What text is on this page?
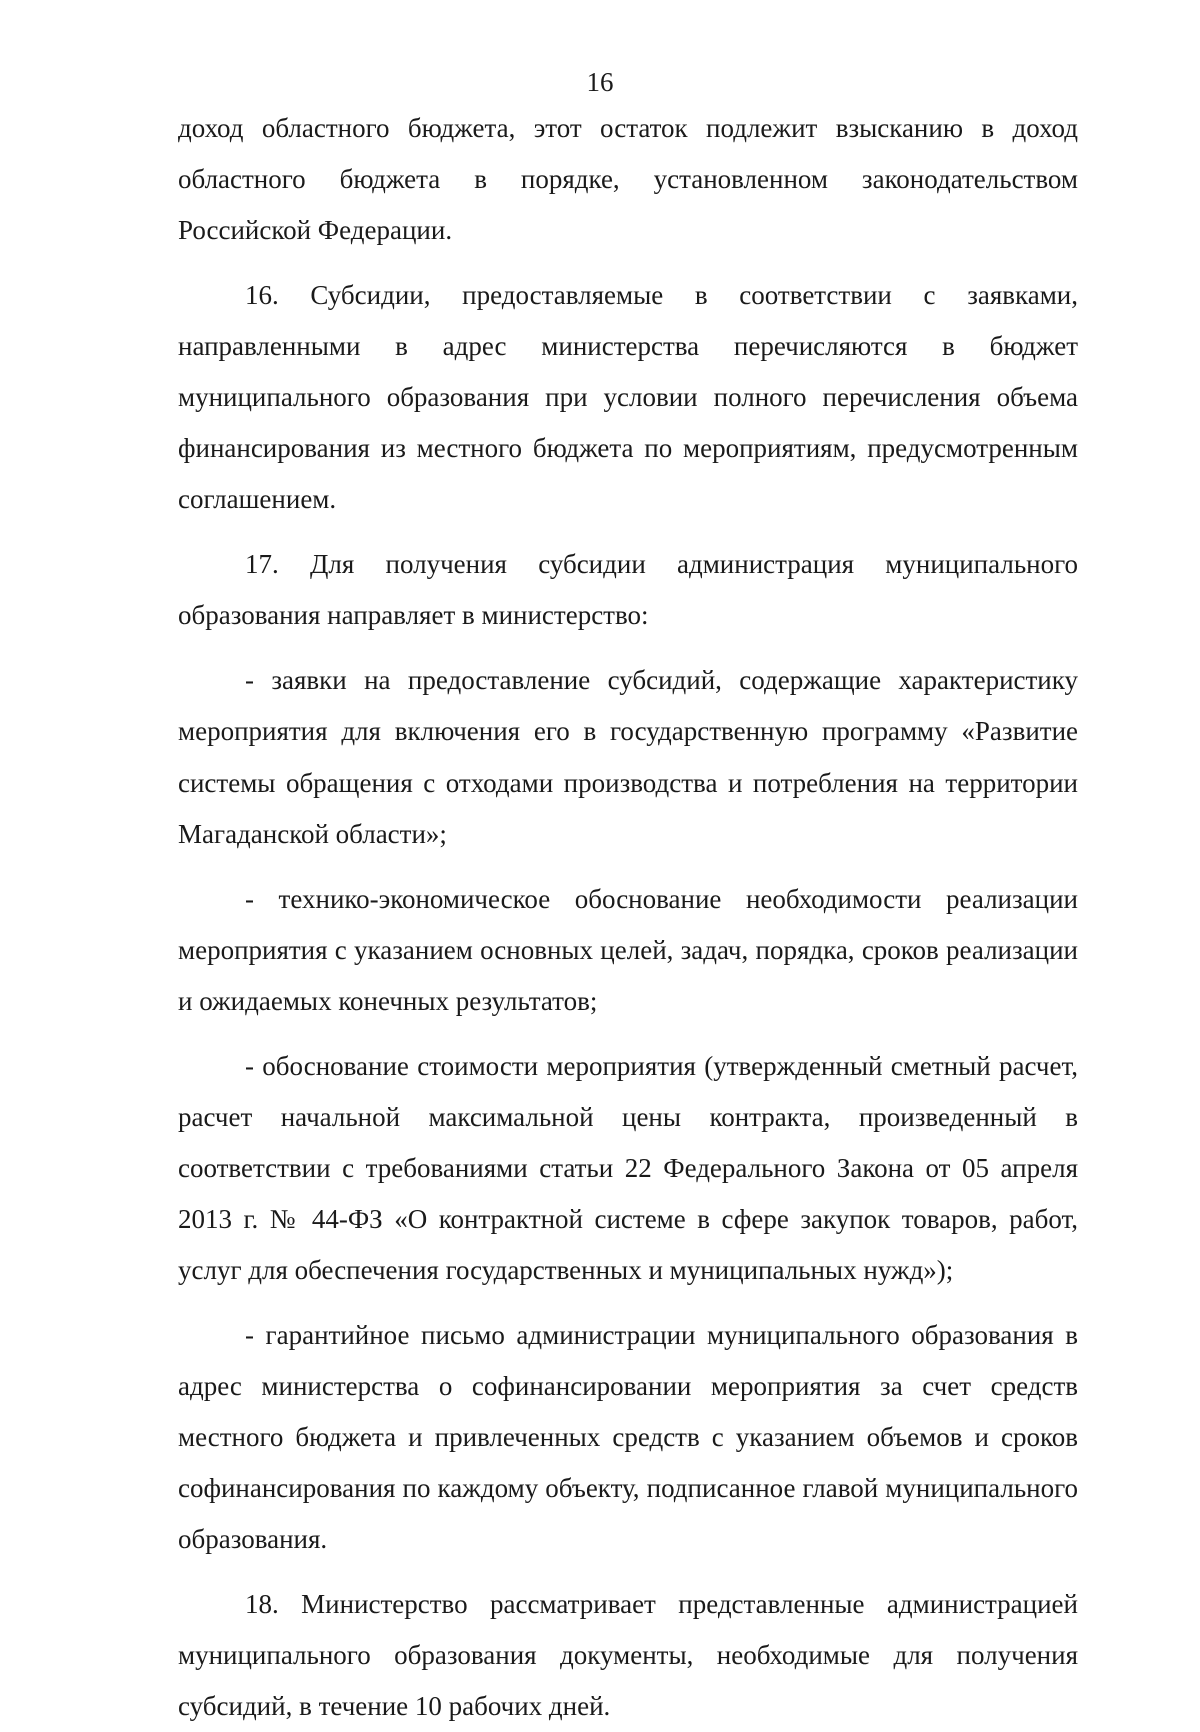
16

доход областного бюджета, этот остаток подлежит взысканию в доход областного бюджета в порядке, установленном законодательством Российской Федерации.

16. Субсидии, предоставляемые в соответствии с заявками, направленными в адрес министерства перечисляются в бюджет муниципального образования при условии полного перечисления объема финансирования из местного бюджета по мероприятиям, предусмотренным соглашением.

17. Для получения субсидии администрация муниципального образования направляет в министерство:

- заявки на предоставление субсидий, содержащие характеристику мероприятия для включения его в государственную программу «Развитие системы обращения с отходами производства и потребления на территории Магаданской области»;

- технико-экономическое обоснование необходимости реализации мероприятия с указанием основных целей, задач, порядка, сроков реализации и ожидаемых конечных результатов;

- обоснование стоимости мероприятия (утвержденный сметный расчет, расчет начальной максимальной цены контракта, произведенный в соответствии с требованиями статьи 22 Федерального Закона от 05 апреля 2013 г. № 44-ФЗ «О контрактной системе в сфере закупок товаров, работ, услуг для обеспечения государственных и муниципальных нужд»);

- гарантийное письмо администрации муниципального образования в адрес министерства о софинансировании мероприятия за счет средств местного бюджета и привлеченных средств с указанием объемов и сроков софинансирования по каждому объекту, подписанное главой муниципального образования.

18. Министерство рассматривает представленные администрацией муниципального образования документы, необходимые для получения субсидий, в течение 10 рабочих дней.
